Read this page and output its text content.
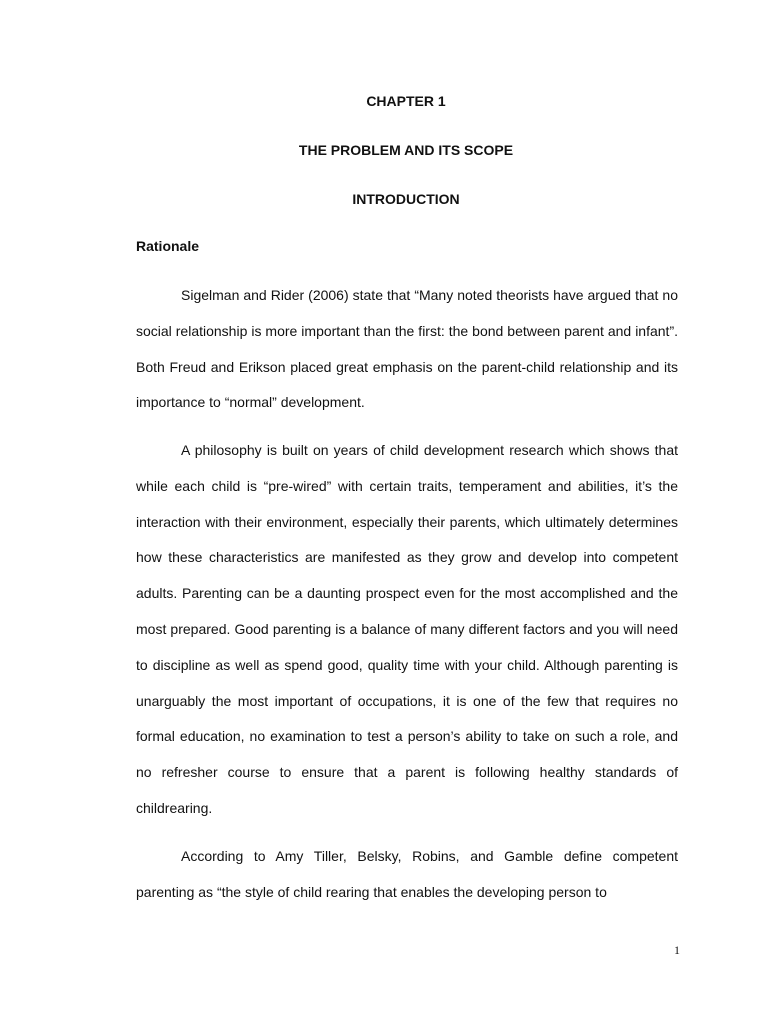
CHAPTER 1
THE PROBLEM AND ITS SCOPE
INTRODUCTION
Rationale

Sigelman and Rider (2006) state that “Many noted theorists have argued that no social relationship is more important than the first: the bond between parent and infant”. Both Freud and Erikson placed great emphasis on the parent-child relationship and its importance to “normal” development.

A philosophy is built on years of child development research which shows that while each child is “pre-wired” with certain traits, temperament and abilities, it’s the interaction with their environment, especially their parents, which ultimately determines how these characteristics are manifested as they grow and develop into competent adults. Parenting can be a daunting prospect even for the most accomplished and the most prepared. Good parenting is a balance of many different factors and you will need to discipline as well as spend good, quality time with your child. Although parenting is unarguably the most important of occupations, it is one of the few that requires no formal education, no examination to test a person’s ability to take on such a role, and no refresher course to ensure that a parent is following healthy standards of childrearing.

According to Amy Tiller, Belsky, Robins, and Gamble define competent parenting as “the style of child rearing that enables the developing person to

1
